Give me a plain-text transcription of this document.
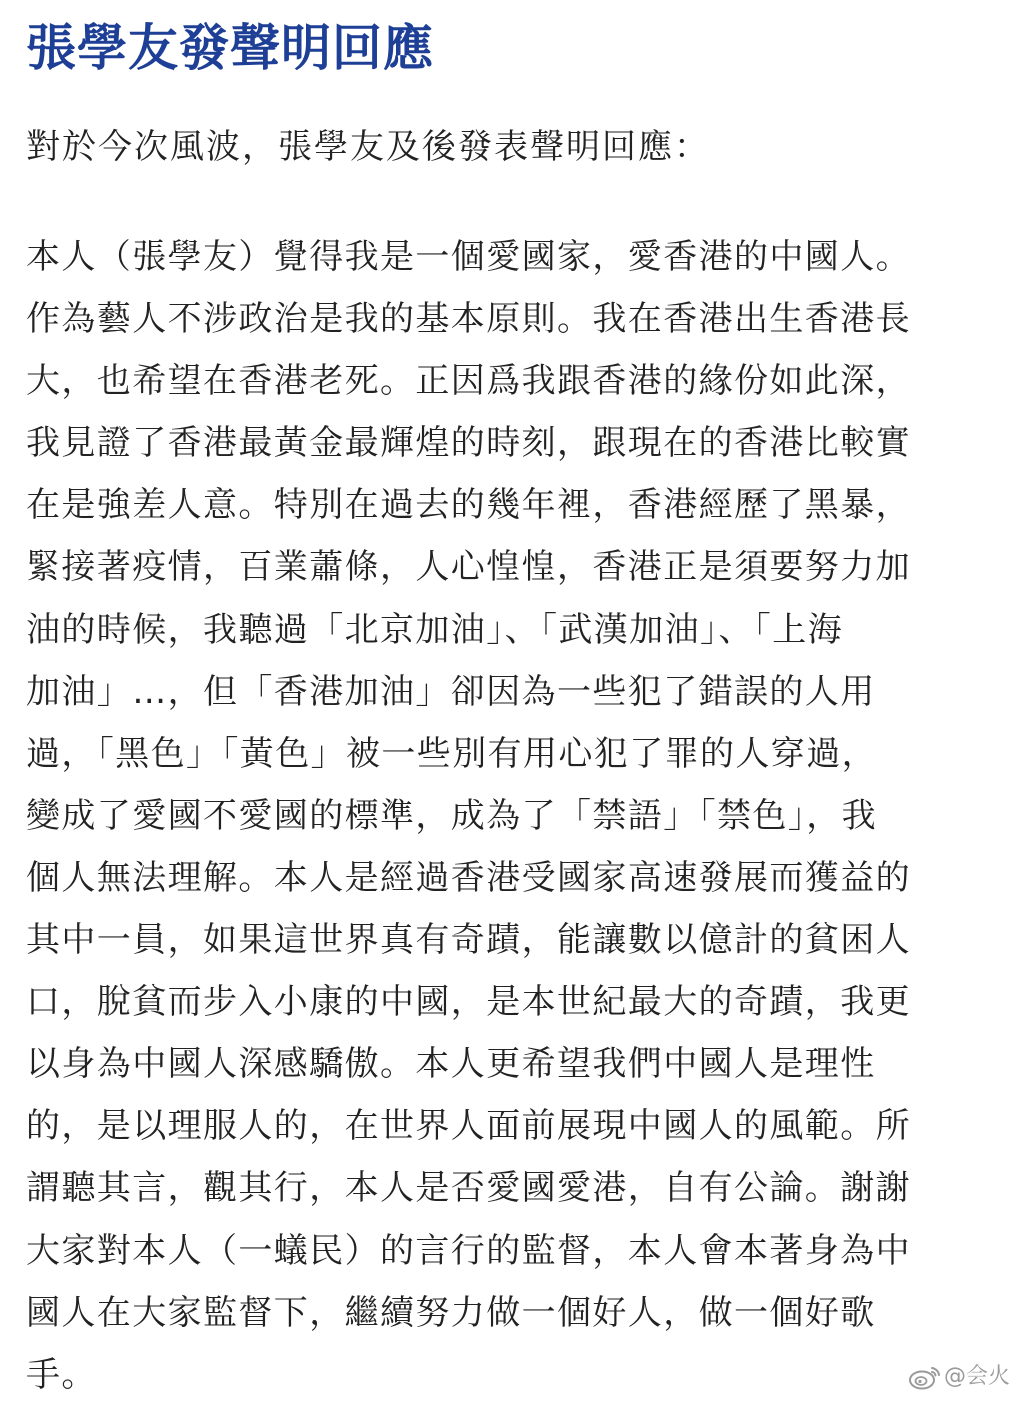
張學友發聲明回應

對於今次風波，張學友及後發表聲明回應：

本人（張學友）覺得我是一個愛國家，愛香港的中國人。
作為藝人不涉政治是我的基本原則。我在香港出生香港長
大，也希望在香港老死。正因爲我跟香港的緣份如此深，
我見證了香港最黃金最輝煌的時刻，跟現在的香港比較實
在是強差人意。特別在過去的幾年裡，香港經歷了黑暴，
緊接著疫情，百業蕭條，人心惶惶，香港正是須要努力加
油的時候，我聽過「北京加油」、「武漢加油」、「上海
加油」…，但「香港加油」卻因為一些犯了錯誤的人用
過，「黑色」「黃色」被一些別有用心犯了罪的人穿過，
變成了愛國不愛國的標準，成為了「禁語」「禁色」，我
個人無法理解。本人是經過香港受國家高速發展而獲益的
其中一員，如果這世界真有奇蹟，能讓數以億計的貧困人
口，脫貧而步入小康的中國，是本世紀最大的奇蹟，我更
以身為中國人深感驕傲。本人更希望我們中國人是理性
的，是以理服人的，在世界人面前展現中國人的風範。所
謂聽其言，觀其行，本人是否愛國愛港，自有公論。謝謝
大家對本人（一蟻民）的言行的監督，本人會本著身為中
國人在大家監督下，繼續努力做一個好人，做一個好歌
手。	@会火
